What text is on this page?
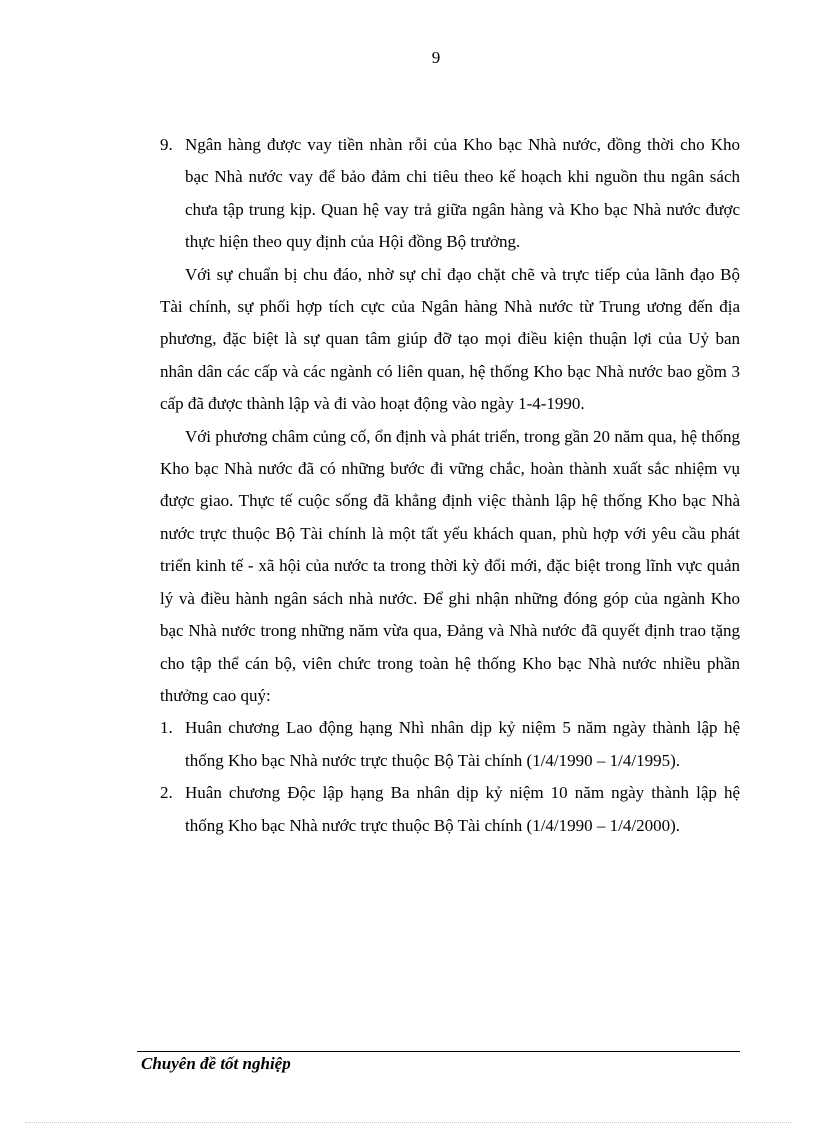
9
9. Ngân hàng được vay tiền nhàn rỗi của Kho bạc Nhà nước, đồng thời cho Kho bạc Nhà nước vay để bảo đảm chi tiêu theo kế hoạch khi nguồn thu ngân sách chưa tập trung kịp. Quan hệ vay trả giữa ngân hàng và Kho bạc Nhà nước được thực hiện theo quy định của Hội đồng Bộ trưởng.

Với sự chuẩn bị chu đáo, nhờ sự chỉ đạo chặt chẽ và trực tiếp của lãnh đạo Bộ Tài chính, sự phối hợp tích cực của Ngân hàng Nhà nước từ Trung ương đến địa phương, đặc biệt là sự quan tâm giúp đỡ tạo mọi điều kiện thuận lợi của Uỷ ban nhân dân các cấp và các ngành có liên quan, hệ thống Kho bạc Nhà nước bao gồm 3 cấp đã được thành lập và đi vào hoạt động vào ngày 1-4-1990.

Với phương châm củng cố, ổn định và phát triển, trong gần 20 năm qua, hệ thống Kho bạc Nhà nước đã có những bước đi vững chắc, hoàn thành xuất sắc nhiệm vụ được giao. Thực tế cuộc sống đã khẳng định việc thành lập hệ thống Kho bạc Nhà nước trực thuộc Bộ Tài chính là một tất yếu khách quan, phù hợp với yêu cầu phát triển kinh tế - xã hội của nước ta trong thời kỳ đổi mới, đặc biệt trong lĩnh vực quản lý và điều hành ngân sách nhà nước. Để ghi nhận những đóng góp của ngành Kho bạc Nhà nước trong những năm vừa qua, Đảng và Nhà nước đã quyết định trao tặng cho tập thể cán bộ, viên chức trong toàn hệ thống Kho bạc Nhà nước nhiều phần thưởng cao quý:

1. Huân chương Lao động hạng Nhì nhân dịp kỷ niệm 5 năm ngày thành lập hệ thống Kho bạc Nhà nước trực thuộc Bộ Tài chính (1/4/1990 – 1/4/1995).
2. Huân chương Độc lập hạng Ba nhân dịp kỷ niệm 10 năm ngày thành lập hệ thống Kho bạc Nhà nước trực thuộc Bộ Tài chính (1/4/1990 – 1/4/2000).
Chuyên đề tốt nghiệp
